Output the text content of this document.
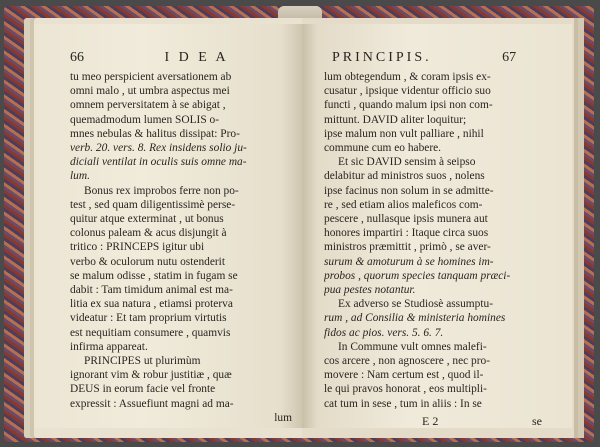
66	I D E A
tu meo perspicient aversationem ab
omni malo , ut umbra aspectus mei
omnem perversitatem à se abigat ,
quemadmodum lumen SOLIS o-
mnes nebulas & halitus dissipat: Pro-
verb. 20. vers. 8. Rex insidens solio ju-
diciali ventilat in oculis suis omne ma-
lum.
Bonus rex improbos ferre non po-
test , sed quam diligentissimè perse-
quitur atque exterminat , ut bonus
colonus paleam & acus disjungit à
tritico : PRINCEPS igitur ubi
verbo & oculorum nutu ostenderit
se malum odisse , statim in fugam se
dabit : Tam timidum animal est ma-
litia ex sua natura , etiamsi proterva
videatur : Et tam proprium virtutis
est nequitiam consumere , quamvis
infirma appareat.
PRINCIPES ut plurimùm
ignorant vim & robur justitiæ , quæ
DEUS in eorum facie vel fronte
expressit : Assuefiunt magni ad ma-
lum
PRINCIPIS.	67
lum obtegendum , & coram ipsis ex-
cusatur , ipsique videntur officio suo
functi , quando malum ipsi non com-
mittunt. DAVID aliter loquitur;
ipse malum non vult palliare , nihil
commune cum eo habere.
Et sic DAVID sensim à seipso
delabitur ad ministros suos , nolens
ipse facinus non solum in se admitte-
re , sed etiam alios maleficos com-
pescere , nullasque ipsis munera aut
honores impartiri : Itaque circa suos
ministros præmittit , primò , se aver-
surum & amoturum à se homines im-
probos , quorum species tanquam præci-
pua pestes notantur.
Ex adverso se Studiosè assumptu-
rum , ad Consilia & ministeria homines
fidos ac pios. vers. 5. 6. 7.
In Commune vult omnes malefi-
cos arcere , non agnoscere , nec pro-
movere : Nam certum est , quod il-
le qui pravos honorat , eos multipli-
cat tum in sese , tum in aliis : In se
E 2	se
